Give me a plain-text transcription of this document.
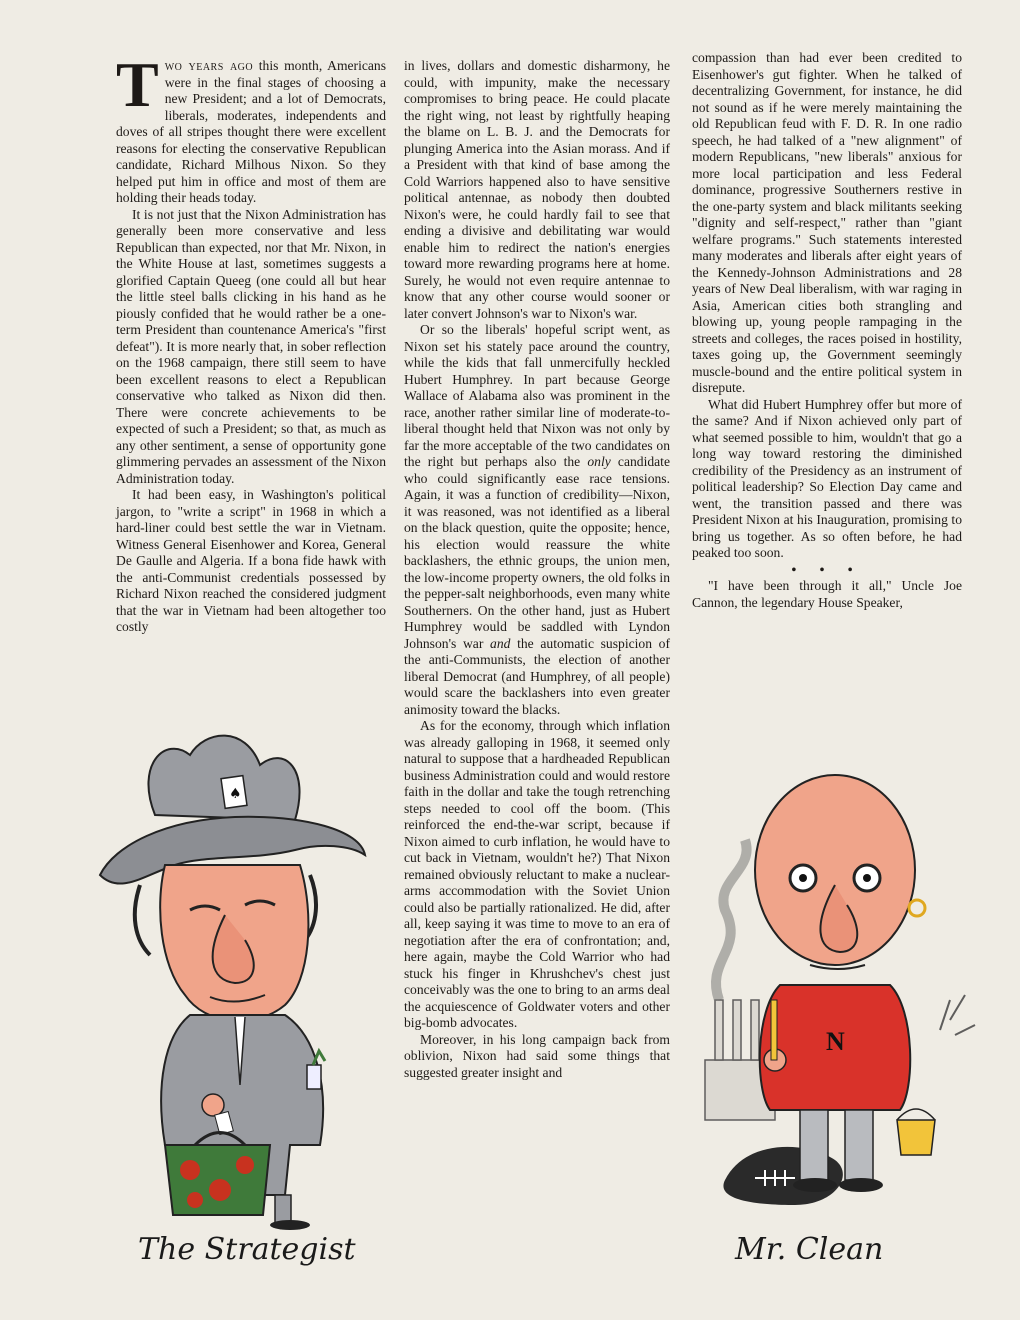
Two years ago this month, Americans were in the final stages of choosing a new President; and a lot of Democrats, liberals, moderates, independents and doves of all stripes thought there were excellent reasons for electing the conservative Republican candidate, Richard Milhous Nixon. So they helped put him in office and most of them are holding their heads today.

It is not just that the Nixon Administration has generally been more conservative and less Republican than expected, nor that Mr. Nixon, in the White House at last, sometimes suggests a glorified Captain Queeg (one could all but hear the little steel balls clicking in his hand as he piously confided that he would rather be a one-term President than countenance America's "first defeat"). It is more nearly that, in sober reflection on the 1968 campaign, there still seem to have been excellent reasons to elect a Republican conservative who talked as Nixon did then. There were concrete achievements to be expected of such a President; so that, as much as any other sentiment, a sense of opportunity gone glimmering pervades an assessment of the Nixon Administration today.

It had been easy, in Washington's political jargon, to "write a script" in 1968 in which a hard-liner could best settle the war in Vietnam. Witness General Eisenhower and Korea, General De Gaulle and Algeria. If a bona fide hawk with the anti-Communist credentials possessed by Richard Nixon reached the considered judgment that the war in Vietnam had been altogether too costly

in lives, dollars and domestic disharmony, he could, with impunity, make the necessary compromises to bring peace. He could placate the right wing, not least by rightfully heaping the blame on L. B. J. and the Democrats for plunging America into the Asian morass. And if a President with that kind of base among the Cold Warriors happened also to have sensitive political antennae, as nobody then doubted Nixon's were, he could hardly fail to see that ending a divisive and debilitating war would enable him to redirect the nation's energies toward more rewarding programs here at home. Surely, he would not even require antennae to know that any other course would sooner or later convert Johnson's war to Nixon's war.

Or so the liberals' hopeful script went, as Nixon set his stately pace around the country, while the kids that fall unmercifully heckled Hubert Humphrey. In part because George Wallace of Alabama also was prominent in the race, another rather similar line of moderate-to-liberal thought held that Nixon was not only by far the more acceptable of the two candidates on the right but perhaps also the only candidate who could significantly ease race tensions. Again, it was a function of credibility—Nixon, it was reasoned, was not identified as a liberal on the black question, quite the opposite; hence, his election would reassure the white backlashers, the ethnic groups, the union men, the low-income property owners, the old folks in the pepper-salt neighborhoods, even many white Southerners. On the other hand, just as Hubert Humphrey would be saddled with Lyndon Johnson's war and the automatic suspicion of the anti-Communists, the election of another liberal Democrat (and Humphrey, of all people) would scare the backlashers into even greater animosity toward the blacks.

As for the economy, through which inflation was already galloping in 1968, it seemed only natural to suppose that a hardheaded Republican business Administration could and would restore faith in the dollar and take the tough retrenching steps needed to cool off the boom. (This reinforced the end-the-war script, because if Nixon aimed to curb inflation, he would have to cut back in Vietnam, wouldn't he?) That Nixon remained obviously reluctant to make a nuclear-arms accommodation with the Soviet Union could also be partially rationalized. He did, after all, keep saying it was time to move to an era of negotiation after the era of confrontation; and, here again, maybe the Cold Warrior who had stuck his finger in Khrushchev's chest just conceivably was the one to bring to an arms deal the acquiescence of Goldwater voters and other big-bomb advocates.

Moreover, in his long campaign back from oblivion, Nixon had said some things that suggested greater insight and

compassion than had ever been credited to Eisenhower's gut fighter. When he talked of decentralizing Government, for instance, he did not sound as if he were merely maintaining the old Republican feud with F. D. R. In one radio speech, he had talked of a "new alignment" of modern Republicans, "new liberals" anxious for more local participation and less Federal dominance, progressive Southerners restive in the one-party system and black militants seeking "dignity and self-respect," rather than "giant welfare programs." Such statements interested many moderates and liberals after eight years of the Kennedy-Johnson Administrations and 28 years of New Deal liberalism, with war raging in Asia, American cities both strangling and blowing up, young people rampaging in the streets and colleges, the races poised in hostility, taxes going up, the Government seemingly muscle-bound and the entire political system in disrepute.

What did Hubert Humphrey offer but more of the same? And if Nixon achieved only part of what seemed possible to him, wouldn't that go a long way toward restoring the diminished credibility of the Presidency as an instrument of political leadership? So Election Day came and went, the transition passed and there was President Nixon at his Inauguration, promising to bring us together. As so often before, he had peaked too soon.

• • •

"I have been through it all," Uncle Joe Cannon, the legendary House Speaker,

♠
The Strategist
N
Mr. Clean
